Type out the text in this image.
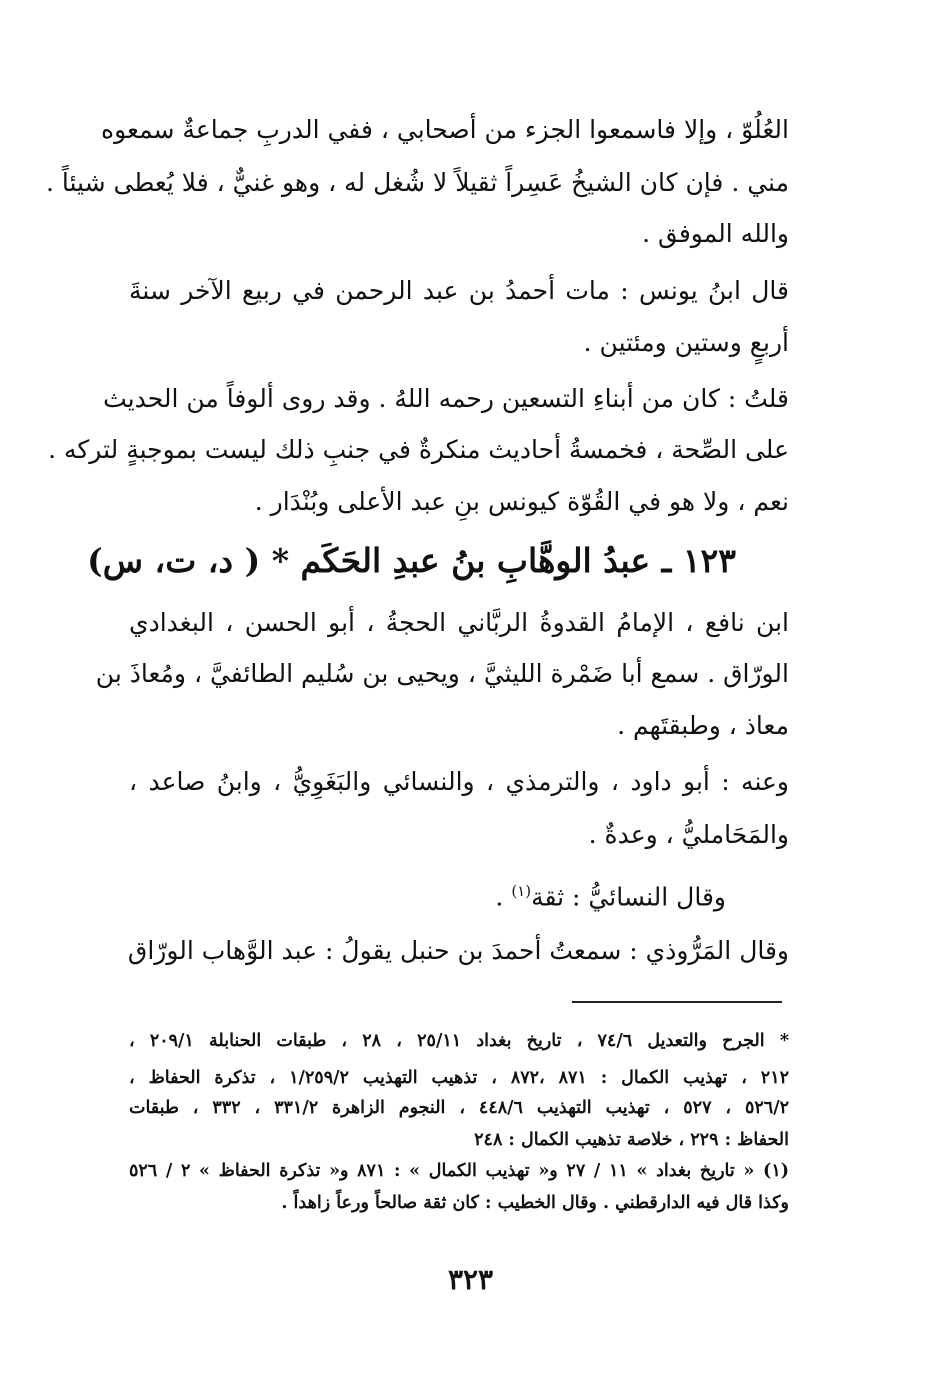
العُلُوّ ، وإلا فاسمعوا الجزء من أصحابي ، ففي الدربِ جماعةٌ سمعوه
مني . فإن كان الشيخُ عَسِراً ثقيلاً لا شُغل له ، وهو غنيٌّ ، فلا يُعطى شيئاً .
والله الموفق .
قال ابنُ يونس : مات أحمدُ بن عبد الرحمن في ربيع الآخر سنةَ
أربعٍ وستين ومئتين .
قلتُ : كان من أبناءِ التسعين رحمه اللهُ . وقد روى ألوفاً من الحديث
على الصِّحة ، فخمسةُ أحاديث منكرةٌ في جنبِ ذلك ليست بموجبةٍ لتركه .
نعم ، ولا هو في القُوّة كيونس بنِ عبد الأعلى وبُنْدَار .
١٢٣ ـ عبدُ الوهَّابِ بنُ عبدِ الحَكَم * ( د، ت، س)
ابن نافع ، الإمامُ القدوةُ الربَّاني الحجةُ ، أبو الحسن ، البغدادي
الورّاق . سمع أبا ضَمْرة الليثيَّ ، ويحيى بن سُليم الطائفيَّ ، ومُعاذَ بن
معاذ ، وطبقتَهم .
وعنه : أبو داود ، والترمذي ، والنسائي والبَغَوِيُّ ، وابنُ صاعد ،
والمَحَامليُّ ، وعدةٌ .
وقال النسائيُّ : ثقة$^{(١)}$ .
وقال المَرُّوذي : سمعتُ أحمدَ بن حنبل يقولُ : عبد الوَّهاب الورّاق
* الجرح والتعديل ٧٤/٦ ، تاريخ بغداد ٢٥/١١ ، ٢٨ ، طبقات الحنابلة ٢٠٩/١ ،
٢١٢ ، تهذيب الكمال : ٨٧١ ،٨٧٢ ، تذهيب التهذيب ١/٢٥٩/٢ ، تذكرة الحفاظ ،
٥٢٦/٢ ، ٥٢٧ ، تهذيب التهذيب ٤٤٨/٦ ، النجوم الزاهرة ٣٣١/٢ ، ٣٣٢ ، طبقات
الحفاظ : ٢٢٩ ، خلاصة تذهيب الكمال : ٢٤٨
(١) « تاريخ بغداد » ١١ / ٢٧ و« تهذيب الكمال » : ٨٧١ و« تذكرة الحفاظ » ٢ / ٥٢٦
وكذا قال فيه الدارقطني . وقال الخطيب : كان ثقة صالحاً ورعاً زاهداً .
٣٢٣
